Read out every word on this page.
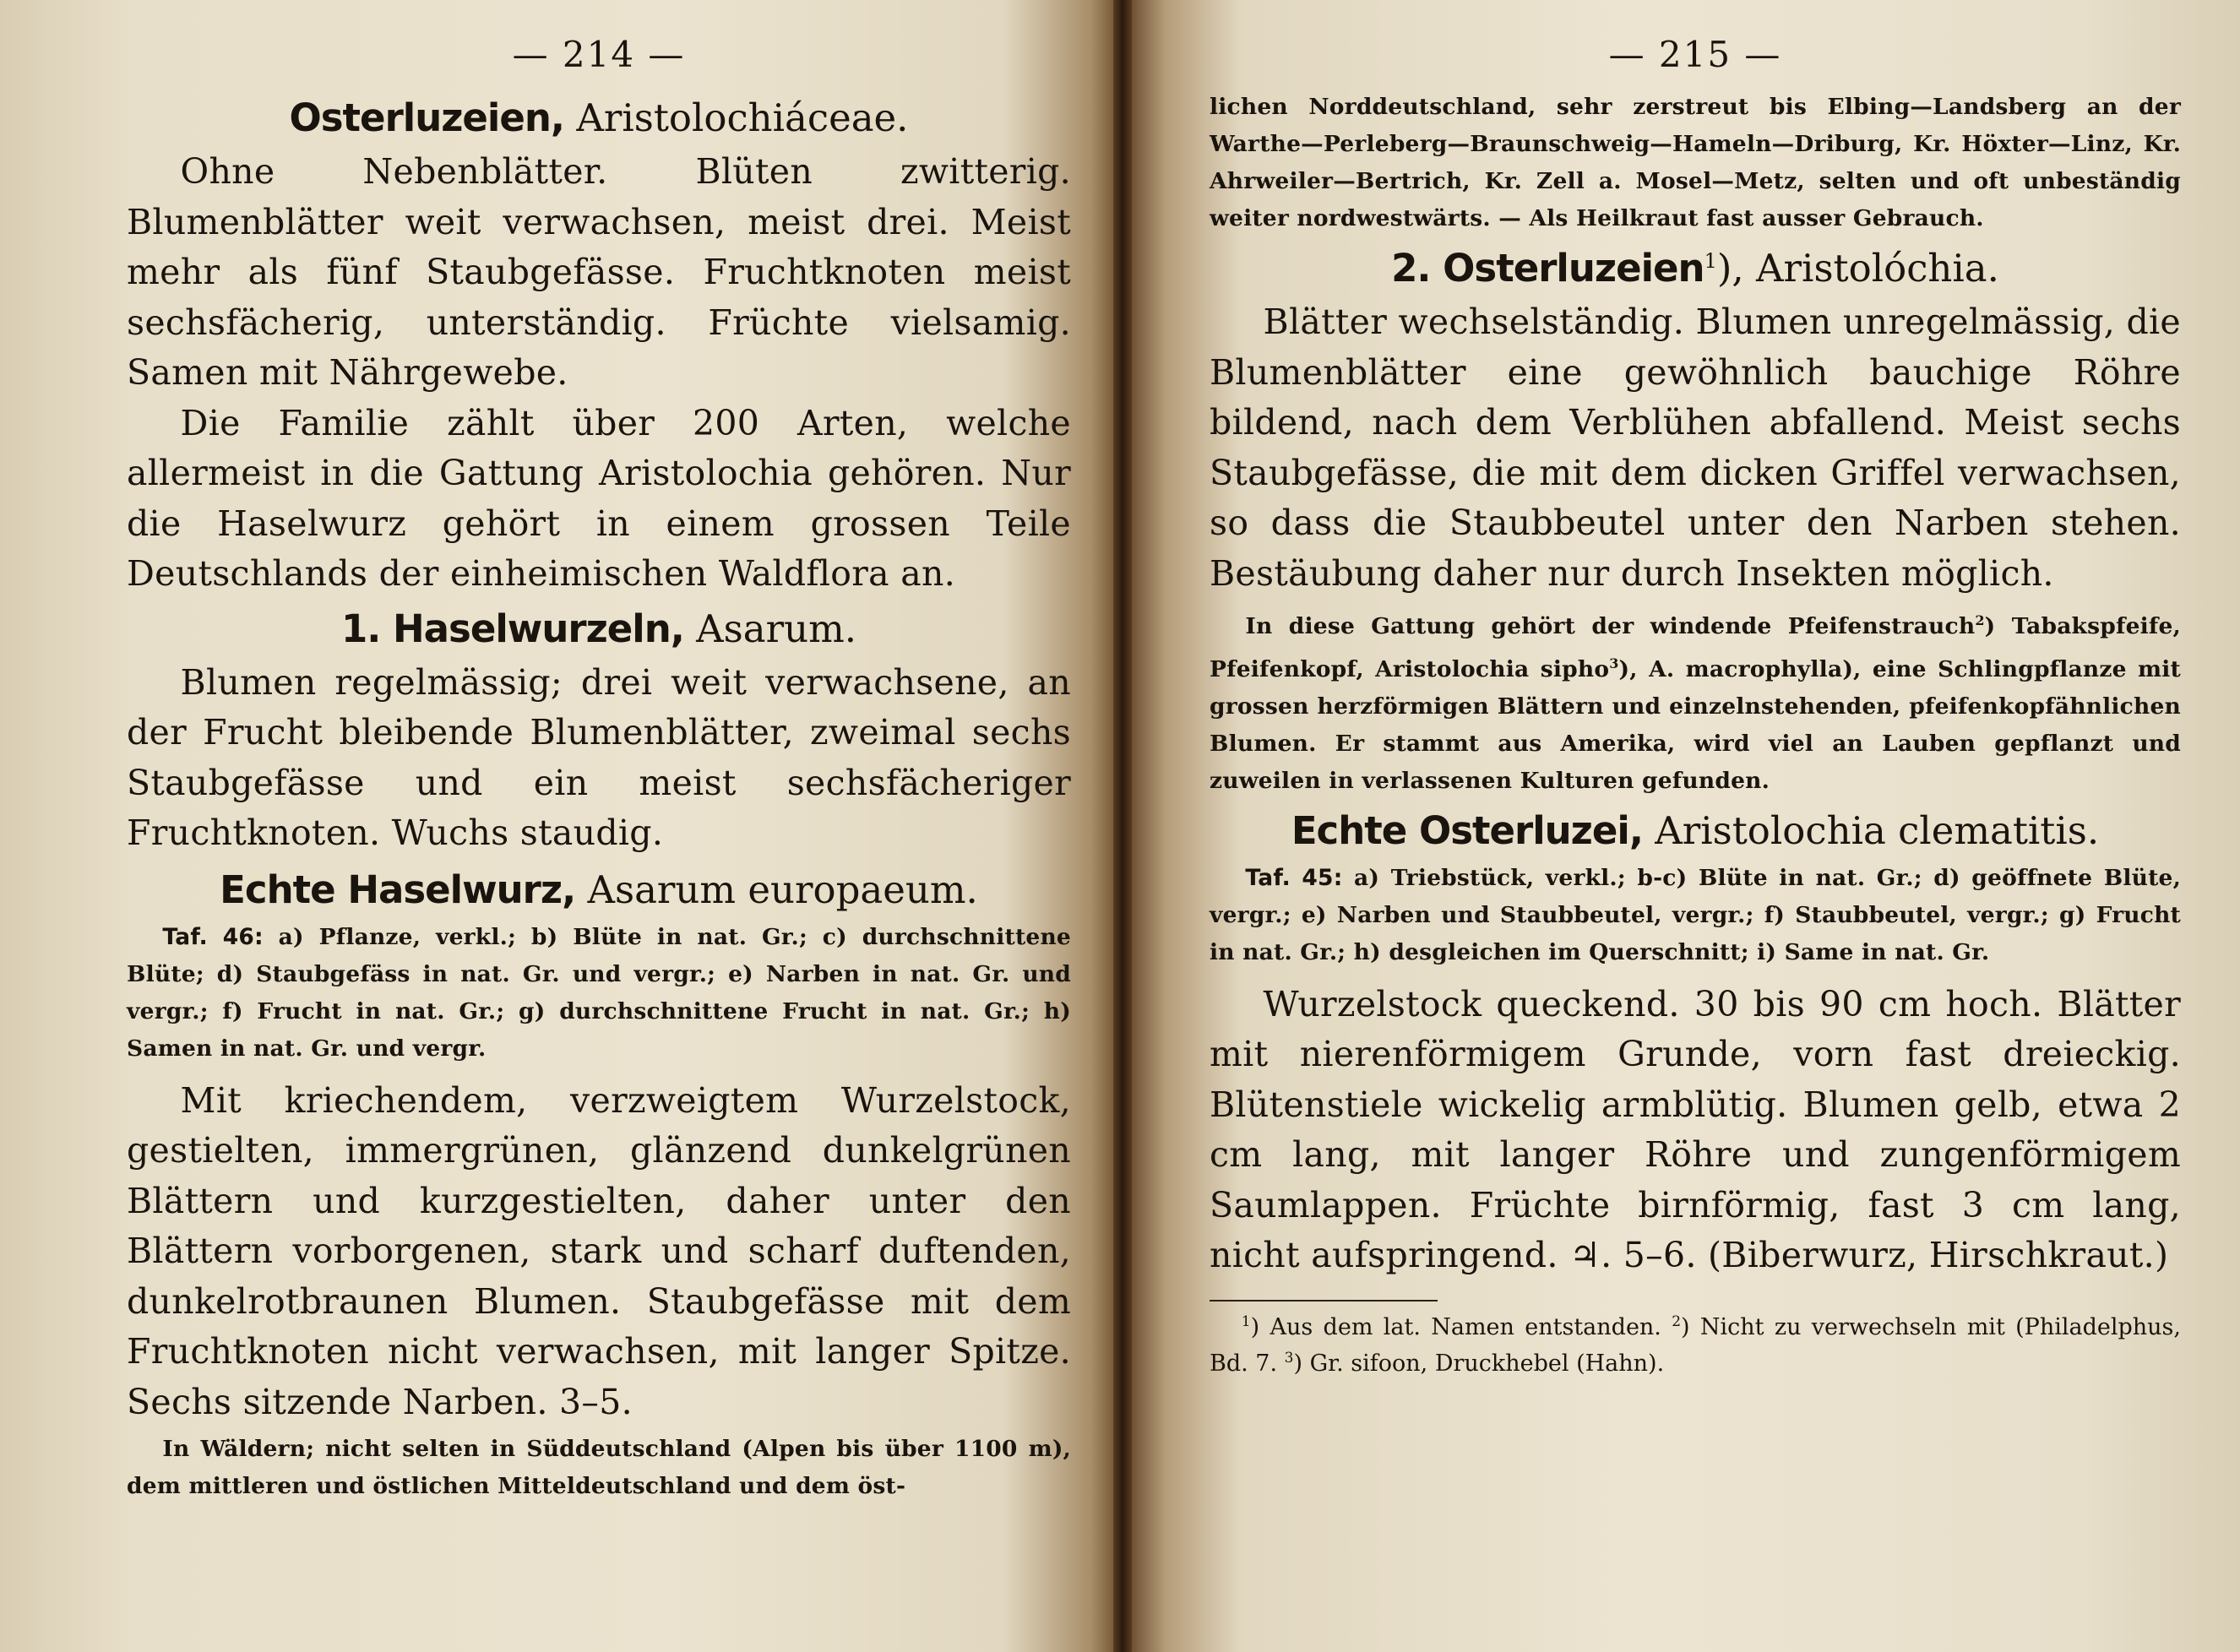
— 214 —
Osterluzeien, Aristolochiáceae.

Ohne Nebenblätter. Blüten zwitterig. Blumenblätter weit verwachsen, meist drei. Meist mehr als fünf Staubgefässe. Fruchtknoten meist sechsfächerig, unterständig. Früchte vielsamig. Samen mit Nährgewebe.

Die Familie zählt über 200 Arten, welche allermeist in die Gattung Aristolochia gehören. Nur die Haselwurz gehört in einem grossen Teile Deutschlands der einheimischen Waldflora an.

1. Haselwurzeln, Asarum.

Blumen regelmässig; drei weit verwachsene, an der Frucht bleibende Blumenblätter, zweimal sechs Staubgefässe und ein meist sechsfächeriger Fruchtknoten. Wuchs staudig.

Echte Haselwurz, Asarum europaeum.

Taf. 46: a) Pflanze, verkl.; b) Blüte in nat. Gr.; c) durchschnittene Blüte; d) Staubgefäss in nat. Gr. und vergr.; e) Narben in nat. Gr. und vergr.; f) Frucht in nat. Gr.; g) durchschnittene Frucht in nat. Gr.; h) Samen in nat. Gr. und vergr.

Mit kriechendem, verzweigtem Wurzelstock, gestielten, immergrünen, glänzend dunkelgrünen Blättern und kurzgestielten, daher unter den Blättern vorborgenen, stark und scharf duftenden, dunkelrotbraunen Blumen. Staubgefässe mit dem Fruchtknoten nicht verwachsen, mit langer Spitze. Sechs sitzende Narben. 3–5.

In Wäldern; nicht selten in Süddeutschland (Alpen bis über 1100 m), dem mittleren und östlichen Mitteldeutschland und dem öst-

— 215 —

lichen Norddeutschland, sehr zerstreut bis Elbing—Landsberg an der Warthe—Perleberg—Braunschweig—Hameln—Driburg, Kr. Höxter—Linz, Kr. Ahrweiler—Bertrich, Kr. Zell a. Mosel—Metz, selten und oft unbeständig weiter nordwestwärts. — Als Heilkraut fast ausser Gebrauch.

2. Osterluzeien$^1$), Aristolóchia.

Blätter wechselständig. Blumen unregelmässig, die Blumenblätter eine gewöhnlich bauchige Röhre bildend, nach dem Verblühen abfallend. Meist sechs Staubgefässe, die mit dem dicken Griffel verwachsen, so dass die Staubbeutel unter den Narben stehen. Bestäubung daher nur durch Insekten möglich.

In diese Gattung gehört der windende Pfeifenstrauch$^2$) Tabakspfeife, Pfeifenkopf, Aristolochia sipho$^3$), A. macrophylla), eine Schlingpflanze mit grossen herzförmigen Blättern und einzelnstehenden, pfeifenkopfähnlichen Blumen. Er stammt aus Amerika, wird viel an Lauben gepflanzt und zuweilen in verlassenen Kulturen gefunden.

Echte Osterluzei, Aristolochia clematitis.

Taf. 45: a) Triebstück, verkl.; b-c) Blüte in nat. Gr.; d) geöffnete Blüte, vergr.; e) Narben und Staubbeutel, vergr.; f) Staubbeutel, vergr.; g) Frucht in nat. Gr.; h) desgleichen im Querschnitt; i) Same in nat. Gr.

Wurzelstock queckend. 30 bis 90 cm hoch. Blätter mit nierenförmigem Grunde, vorn fast dreieckig. Blütenstiele wickelig armblütig. Blumen gelb, etwa 2 cm lang, mit langer Röhre und zungenförmigem Saumlappen. Früchte birnförmig, fast 3 cm lang, nicht aufspringend. ♃. 5–6. (Biberwurz, Hirschkraut.)

$^1$) Aus dem lat. Namen entstanden. $^2$) Nicht zu verwechseln mit (Philadelphus, Bd. 7. $^3$) Gr. sifoon, Druckhebel (Hahn).
